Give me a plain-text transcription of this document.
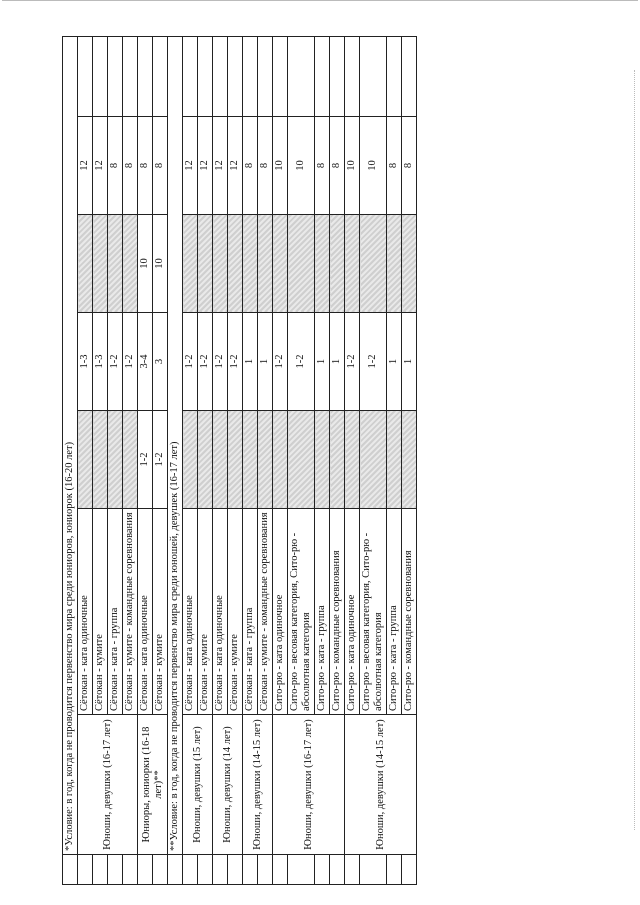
	*Условие: в год, когда не проводится первенство мира среди юниоров, юниорок (16-20 лет)						
	Юноши, девушки (16-17 лет)	Сётокан - ката одиночные		1-3		12	
		Сётокан - кумите		1-3		12	
		Сётокан - ката - группа		1-2		8	
		Сётокан - кумите - командные соревнования		1-2		8	
	Юниоры, юниорки (16-18 лет)**	Сётокан - ката одиночные	1-2	3-4	10	8	
		Сётокан - кумите	1-2	3	10	8	
	**Условие: в год, когда не проводится первенство мира среди юношей, девушек (16-17 лет)						
	Юноши, девушки (15 лет)	Сётокан - ката одиночные		1-2		12	
		Сётокан - кумите		1-2		12	
	Юноши, девушки (14 лет)	Сётокан - ката одиночные		1-2		12	
		Сётокан - кумите		1-2		12	
	Юноши, девушки (14-15 лет)	Сётокан - ката - группа		1		8	
		Сётокан - кумите - командные соревнования		1		8	
	Юноши, девушки (16-17 лет)	Сито-рю - ката одиночное		1-2		10	
		Сито-рю - весовая категория, Сито-рю - абсолютная категория		1-2		10	
		Сито-рю - ката - группа		1		8	
		Сито-рю - командные соревнования		1		8	
	Юноши, девушки (14-15 лет)	Сито-рю - ката одиночное		1-2		10	
		Сито-рю - весовая категория, Сито-рю - абсолютная категория		1-2		10	
		Сито-рю - ката - группа		1		8	
		Сито-рю - командные соревнования		1		8	
